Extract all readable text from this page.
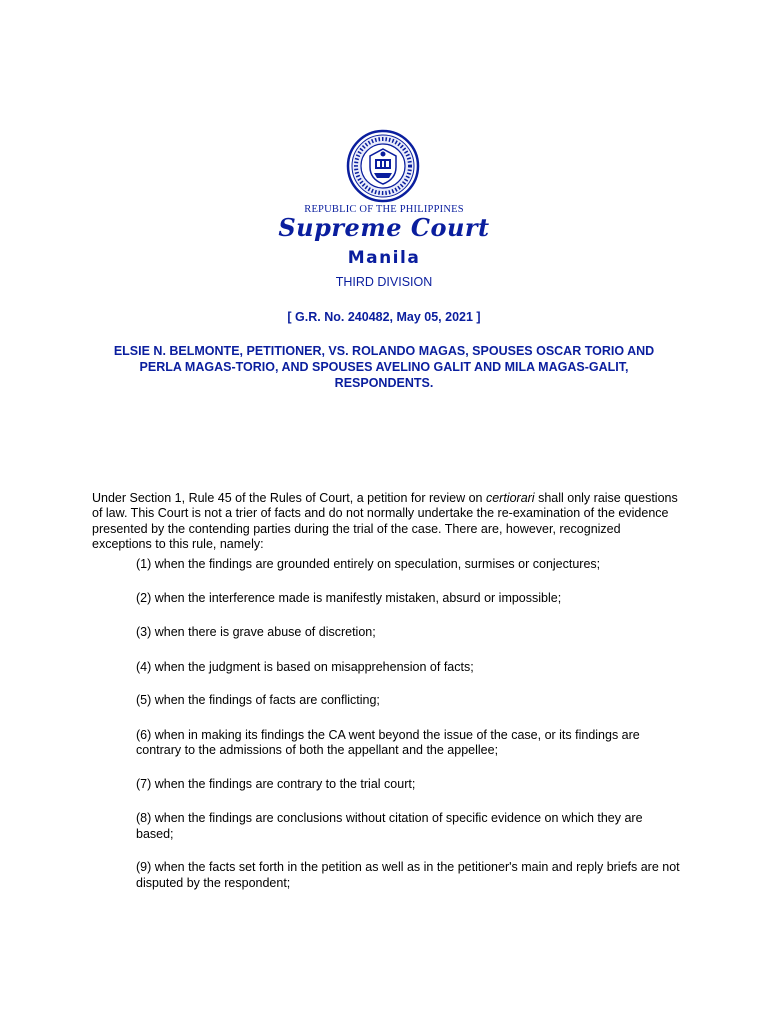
REPUBLIC OF THE PHILIPPINES
Supreme Court
Manila
THIRD DIVISION
[ G.R. No. 240482, May 05, 2021 ]
ELSIE N. BELMONTE, PETITIONER, VS. ROLANDO MAGAS, SPOUSES OSCAR TORIO AND PERLA MAGAS-TORIO, AND SPOUSES AVELINO GALIT AND MILA MAGAS-GALIT, RESPONDENTS.

Under Section 1, Rule 45 of the Rules of Court, a petition for review on certiorari shall only raise questions of law. This Court is not a trier of facts and do not normally undertake the re-examination of the evidence presented by the contending parties during the trial of the case. There are, however, recognized exceptions to this rule, namely:

(1) when the findings are grounded entirely on speculation, surmises or conjectures;
(2) when the interference made is manifestly mistaken, absurd or impossible;
(3) when there is grave abuse of discretion;
(4) when the judgment is based on misapprehension of facts;
(5) when the findings of facts are conflicting;
(6) when in making its findings the CA went beyond the issue of the case, or its findings are contrary to the admissions of both the appellant and the appellee;
(7) when the findings are contrary to the trial court;
(8) when the findings are conclusions without citation of specific evidence on which they are based;
(9) when the facts set forth in the petition as well as in the petitioner's main and reply briefs are not disputed by the respondent;
